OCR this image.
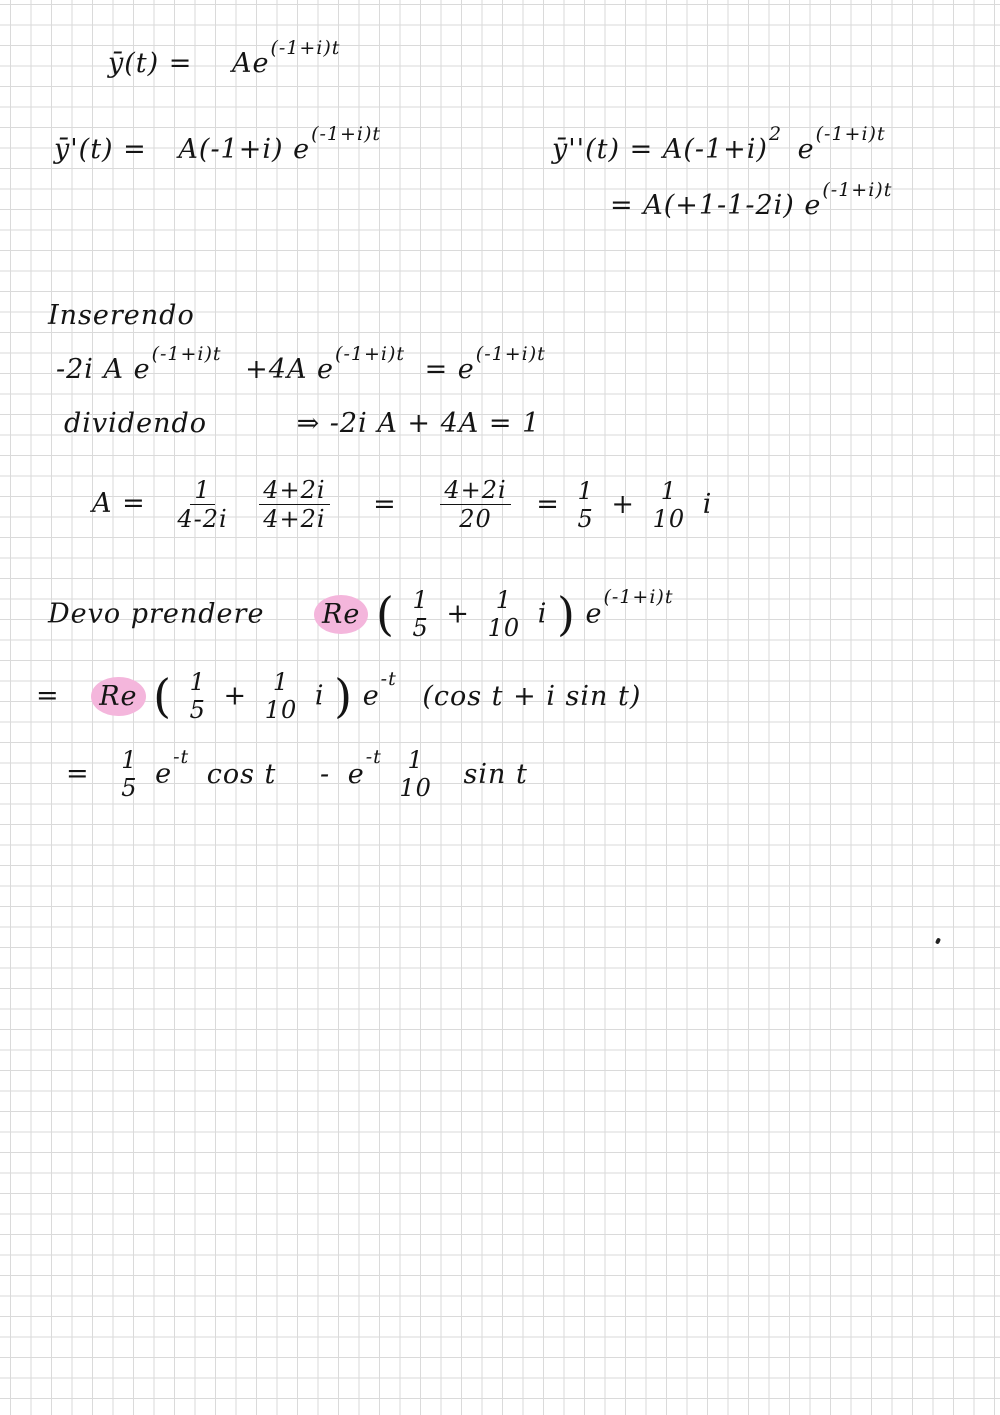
ȳ(t) = $Ae^{(-1+i)t}$
ȳ'(t) = A(-1+i) $e^{(-1+i)t}$
ȳ''(t) = $A(-1+i)^2$ $e^{(-1+i)t}$
= A(+1-1-2i) $e^{(-1+i)t}$
Inserendo
-2i A $e^{(-1+i)t} +4A$ $e^{(-1+i)t} = e^{(-1+i)t}$
dividendo	⇒ -2i A + 4A = 1
$A = \frac{1}{4-2i}$
$\frac{4+2i}{4+2i} = \frac{4+2i}{20} = 1$
5 + 1
10 i
Devo prendere Re ( 1
5 + 1
10 i ) $e^{(-1+i)t}$
= Re ( 1
5 + 1
10 i ) $e^{-t}$ (cos t + i sin t)
= 1
5 $e^{-t}$ cos t - $e^{-t}$ 1
10 sin t
